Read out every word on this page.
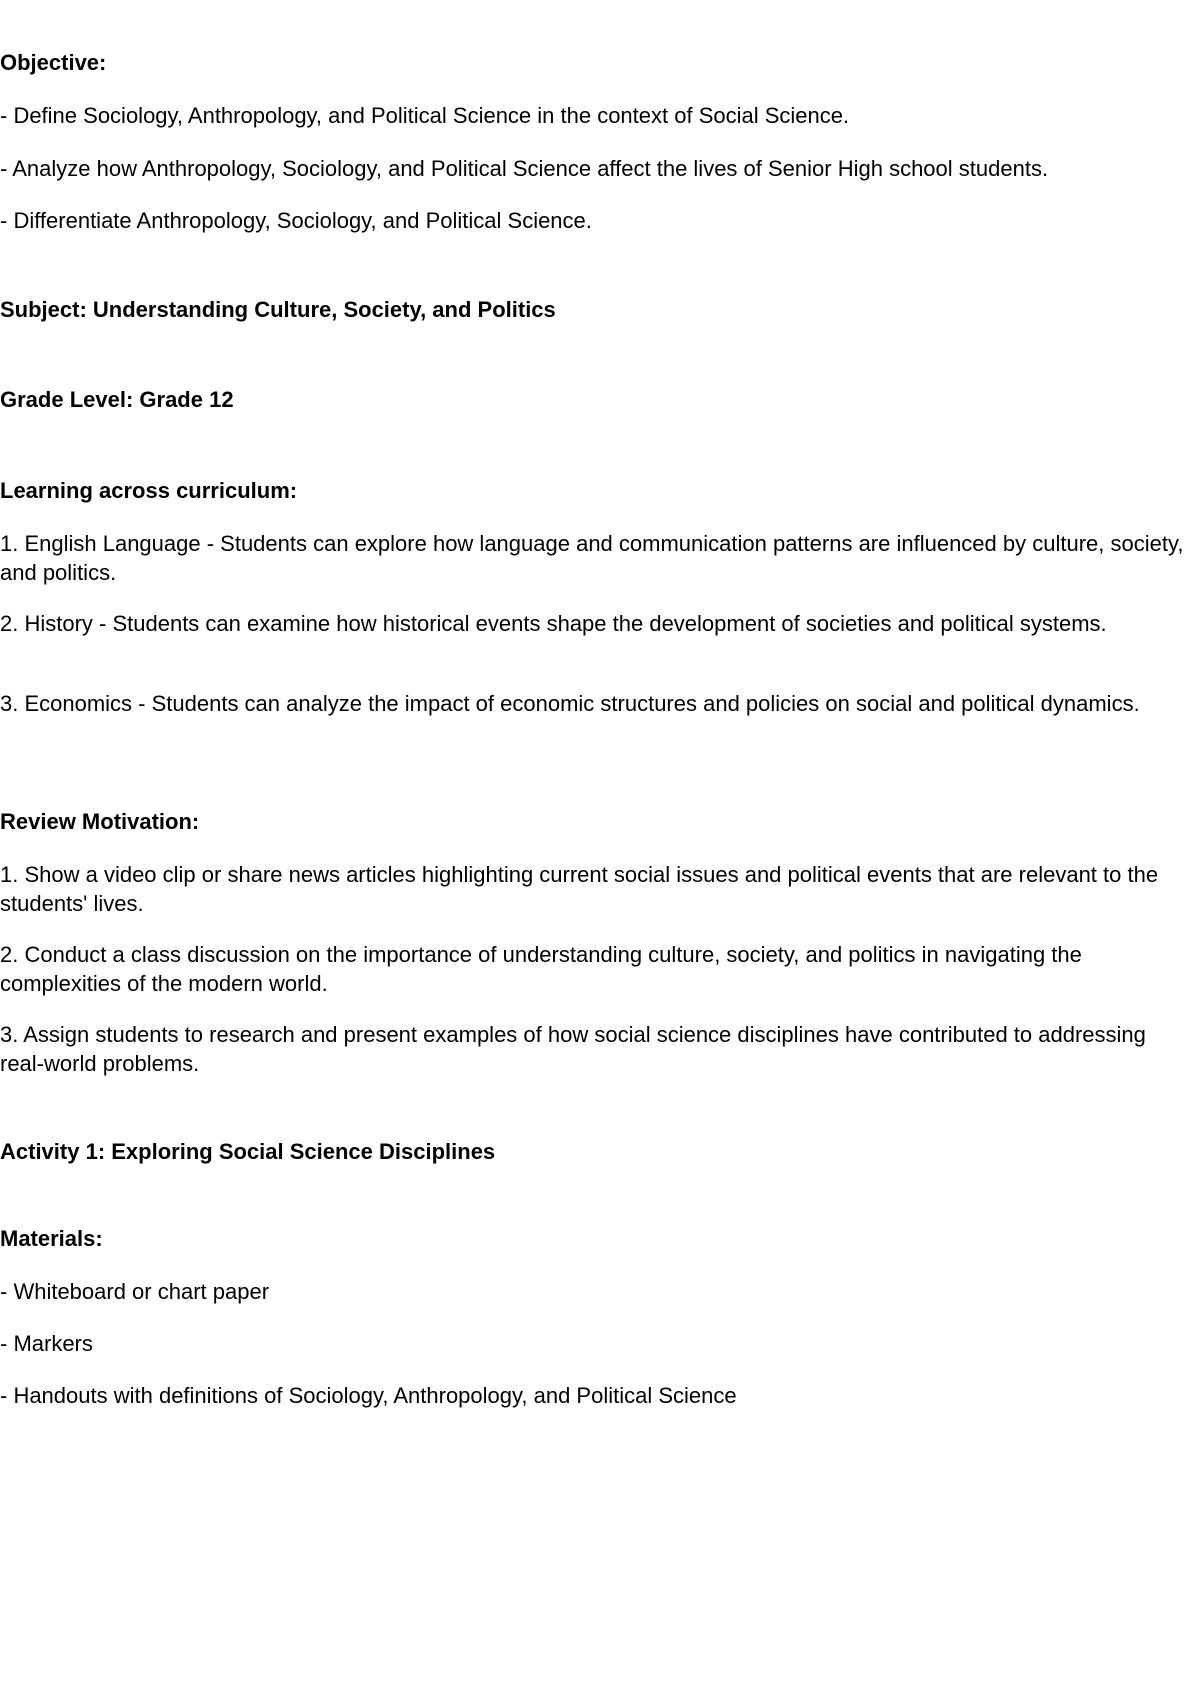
Objective:
- Define Sociology, Anthropology, and Political Science in the context of Social Science.
- Analyze how Anthropology, Sociology, and Political Science affect the lives of Senior High school students.
- Differentiate Anthropology, Sociology, and Political Science.
Subject: Understanding Culture, Society, and Politics
Grade Level: Grade 12
Learning across curriculum:
1. English Language - Students can explore how language and communication patterns are influenced by culture, society, and politics.
2. History - Students can examine how historical events shape the development of societies and political systems.
3. Economics - Students can analyze the impact of economic structures and policies on social and political dynamics.
Review Motivation:
1. Show a video clip or share news articles highlighting current social issues and political events that are relevant to the students' lives.
2. Conduct a class discussion on the importance of understanding culture, society, and politics in navigating the complexities of the modern world.
3. Assign students to research and present examples of how social science disciplines have contributed to addressing real-world problems.
Activity 1: Exploring Social Science Disciplines
Materials:
- Whiteboard or chart paper
- Markers
- Handouts with definitions of Sociology, Anthropology, and Political Science
